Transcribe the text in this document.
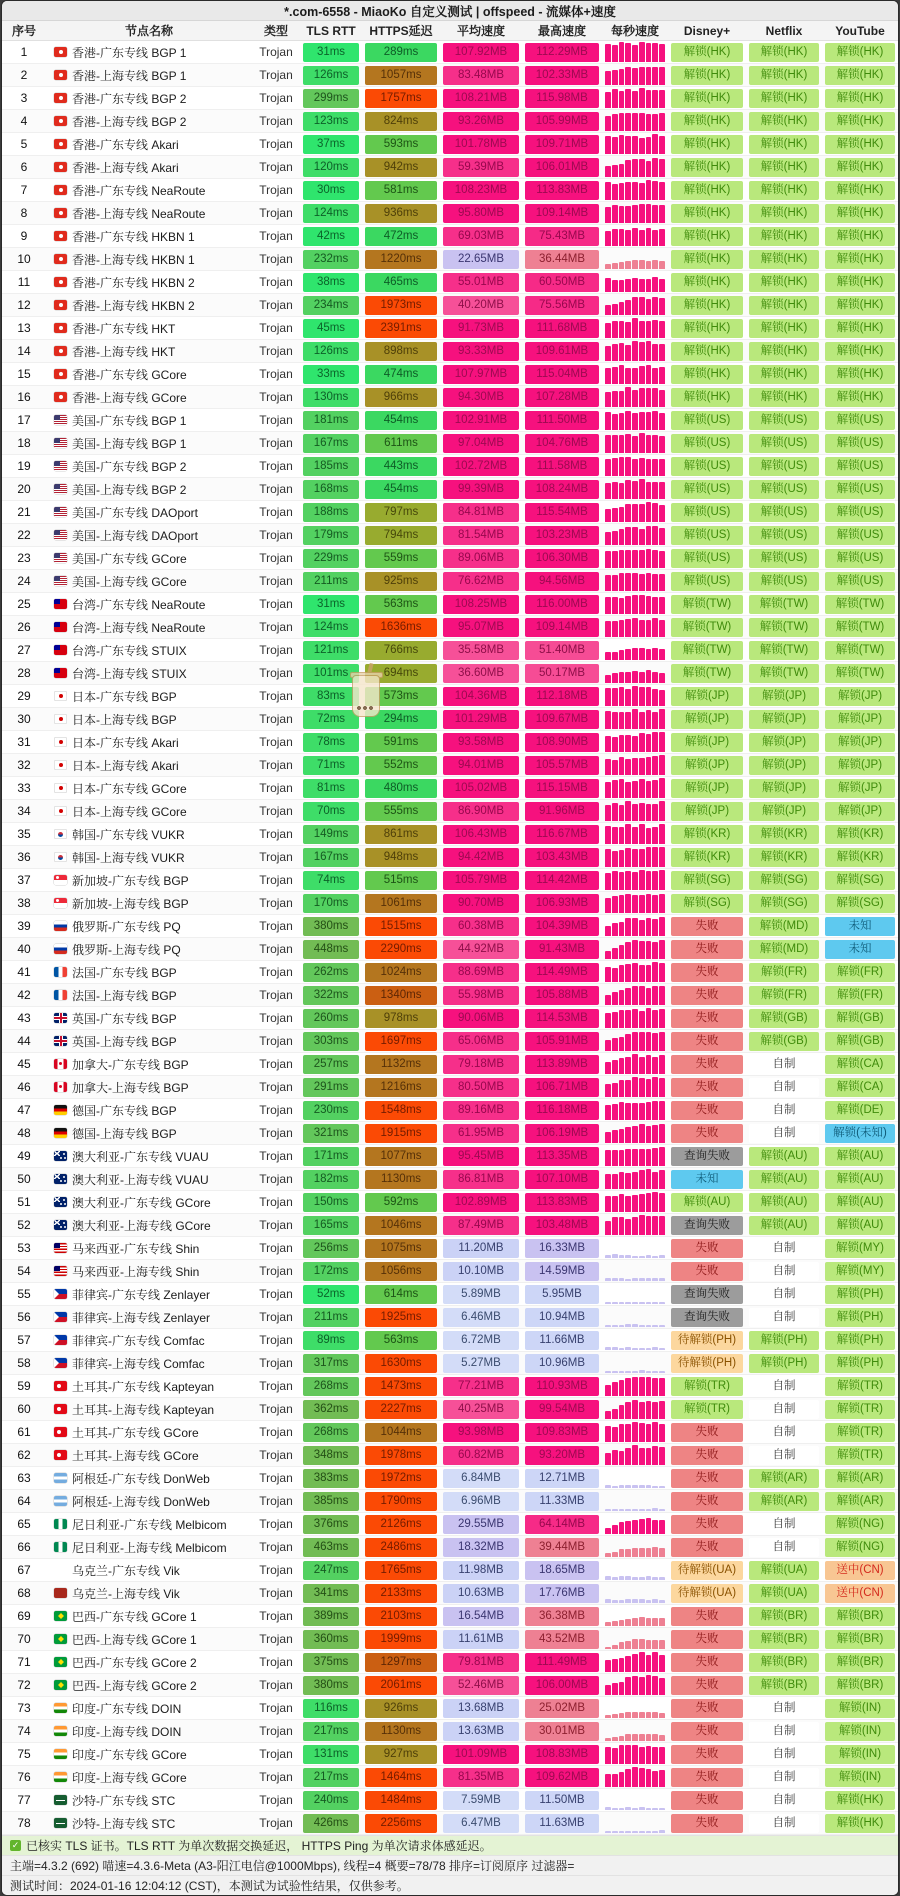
*.com-6558 - MiaoKo 自定义测试 | offspeed - 流媒体+速度
序号	节点名称	类型	TLS RTT	HTTPS延迟	平均速度	最高速度	每秒速度	Disney+	Netflix	YouTube
1	香港-广东专线 BGP 1	Trojan	31ms	289ms	107.92MB	112.29MB	解锁(HK)	解锁(HK)	解锁(HK)
2	香港-上海专线 BGP 1	Trojan	126ms	1057ms	83.48MB	102.33MB	解锁(HK)	解锁(HK)	解锁(HK)
3	香港-广东专线 BGP 2	Trojan	299ms	1757ms	108.21MB	115.98MB	解锁(HK)	解锁(HK)	解锁(HK)
4	香港-上海专线 BGP 2	Trojan	123ms	824ms	93.26MB	105.99MB	解锁(HK)	解锁(HK)	解锁(HK)
5	香港-广东专线 Akari	Trojan	37ms	593ms	101.78MB	109.71MB	解锁(HK)	解锁(HK)	解锁(HK)
6	香港-上海专线 Akari	Trojan	120ms	942ms	59.39MB	106.01MB	解锁(HK)	解锁(HK)	解锁(HK)
7	香港-广东专线 NeaRoute	Trojan	30ms	581ms	108.23MB	113.83MB	解锁(HK)	解锁(HK)	解锁(HK)
8	香港-上海专线 NeaRoute	Trojan	124ms	936ms	95.80MB	109.14MB	解锁(HK)	解锁(HK)	解锁(HK)
9	香港-广东专线 HKBN 1	Trojan	42ms	472ms	69.03MB	75.43MB	解锁(HK)	解锁(HK)	解锁(HK)
10	香港-上海专线 HKBN 1	Trojan	232ms	1220ms	22.65MB	36.44MB	解锁(HK)	解锁(HK)	解锁(HK)
11	香港-广东专线 HKBN 2	Trojan	38ms	465ms	55.01MB	60.50MB	解锁(HK)	解锁(HK)	解锁(HK)
12	香港-上海专线 HKBN 2	Trojan	234ms	1973ms	40.20MB	75.56MB	解锁(HK)	解锁(HK)	解锁(HK)
13	香港-广东专线 HKT	Trojan	45ms	2391ms	91.73MB	111.68MB	解锁(HK)	解锁(HK)	解锁(HK)
14	香港-上海专线 HKT	Trojan	126ms	898ms	93.33MB	109.61MB	解锁(HK)	解锁(HK)	解锁(HK)
15	香港-广东专线 GCore	Trojan	33ms	474ms	107.97MB	115.04MB	解锁(HK)	解锁(HK)	解锁(HK)
16	香港-上海专线 GCore	Trojan	130ms	966ms	94.30MB	107.28MB	解锁(HK)	解锁(HK)	解锁(HK)
17	美国-广东专线 BGP 1	Trojan	181ms	454ms	102.91MB	111.50MB	解锁(US)	解锁(US)	解锁(US)
18	美国-上海专线 BGP 1	Trojan	167ms	611ms	97.04MB	104.76MB	解锁(US)	解锁(US)	解锁(US)
19	美国-广东专线 BGP 2	Trojan	185ms	443ms	102.72MB	111.58MB	解锁(US)	解锁(US)	解锁(US)
20	美国-上海专线 BGP 2	Trojan	168ms	454ms	99.39MB	108.24MB	解锁(US)	解锁(US)	解锁(US)
21	美国-广东专线 DAOport	Trojan	188ms	797ms	84.81MB	115.54MB	解锁(US)	解锁(US)	解锁(US)
22	美国-上海专线 DAOport	Trojan	179ms	794ms	81.54MB	103.23MB	解锁(US)	解锁(US)	解锁(US)
23	美国-广东专线 GCore	Trojan	229ms	559ms	89.06MB	106.30MB	解锁(US)	解锁(US)	解锁(US)
24	美国-上海专线 GCore	Trojan	211ms	925ms	76.62MB	94.56MB	解锁(US)	解锁(US)	解锁(US)
25	台湾-广东专线 NeaRoute	Trojan	31ms	563ms	108.25MB	116.00MB	解锁(TW)	解锁(TW)	解锁(TW)
26	台湾-上海专线 NeaRoute	Trojan	124ms	1636ms	95.07MB	109.14MB	解锁(TW)	解锁(TW)	解锁(TW)
27	台湾-广东专线 STUIX	Trojan	121ms	766ms	35.58MB	51.40MB	解锁(TW)	解锁(TW)	解锁(TW)
28	台湾-上海专线 STUIX	Trojan	101ms	694ms	36.60MB	50.17MB	解锁(TW)	解锁(TW)	解锁(TW)
29	日本-广东专线 BGP	Trojan	83ms	573ms	104.36MB	112.18MB	解锁(JP)	解锁(JP)	解锁(JP)
30	日本-上海专线 BGP	Trojan	72ms	294ms	101.29MB	109.67MB	解锁(JP)	解锁(JP)	解锁(JP)
31	日本-广东专线 Akari	Trojan	78ms	591ms	93.58MB	108.90MB	解锁(JP)	解锁(JP)	解锁(JP)
32	日本-上海专线 Akari	Trojan	71ms	552ms	94.01MB	105.57MB	解锁(JP)	解锁(JP)	解锁(JP)
33	日本-广东专线 GCore	Trojan	81ms	480ms	105.02MB	115.15MB	解锁(JP)	解锁(JP)	解锁(JP)
34	日本-上海专线 GCore	Trojan	70ms	555ms	86.90MB	91.96MB	解锁(JP)	解锁(JP)	解锁(JP)
35	韩国-广东专线 VUKR	Trojan	149ms	861ms	106.43MB	116.67MB	解锁(KR)	解锁(KR)	解锁(KR)
36	韩国-上海专线 VUKR	Trojan	167ms	948ms	94.42MB	103.43MB	解锁(KR)	解锁(KR)	解锁(KR)
37	新加坡-广东专线 BGP	Trojan	74ms	515ms	105.79MB	114.42MB	解锁(SG)	解锁(SG)	解锁(SG)
38	新加坡-上海专线 BGP	Trojan	170ms	1061ms	90.70MB	106.93MB	解锁(SG)	解锁(SG)	解锁(SG)
39	俄罗斯-广东专线 PQ	Trojan	380ms	1515ms	60.38MB	104.39MB	失败	解锁(MD)	未知
40	俄罗斯-上海专线 PQ	Trojan	448ms	2290ms	44.92MB	91.43MB	失败	解锁(MD)	未知
41	法国-广东专线 BGP	Trojan	262ms	1024ms	88.69MB	114.49MB	失败	解锁(FR)	解锁(FR)
42	法国-上海专线 BGP	Trojan	322ms	1340ms	55.98MB	105.88MB	失败	解锁(FR)	解锁(FR)
43	英国-广东专线 BGP	Trojan	260ms	978ms	90.06MB	114.53MB	失败	解锁(GB)	解锁(GB)
44	英国-上海专线 BGP	Trojan	303ms	1697ms	65.06MB	105.91MB	失败	解锁(GB)	解锁(GB)
45	加拿大-广东专线 BGP	Trojan	257ms	1132ms	79.18MB	113.89MB	失败	自制	解锁(CA)
46	加拿大-上海专线 BGP	Trojan	291ms	1216ms	80.50MB	106.71MB	失败	自制	解锁(CA)
47	德国-广东专线 BGP	Trojan	230ms	1548ms	89.16MB	116.18MB	失败	自制	解锁(DE)
48	德国-上海专线 BGP	Trojan	321ms	1915ms	61.95MB	106.19MB	失败	自制	解锁(未知)
49	澳大利亚-广东专线 VUAU	Trojan	171ms	1077ms	95.45MB	113.35MB	查询失败	解锁(AU)	解锁(AU)
50	澳大利亚-上海专线 VUAU	Trojan	182ms	1130ms	86.81MB	107.10MB	未知	解锁(AU)	解锁(AU)
51	澳大利亚-广东专线 GCore	Trojan	150ms	592ms	102.89MB	113.83MB	解锁(AU)	解锁(AU)	解锁(AU)
52	澳大利亚-上海专线 GCore	Trojan	165ms	1046ms	87.49MB	103.48MB	查询失败	解锁(AU)	解锁(AU)
53	马来西亚-广东专线 Shin	Trojan	256ms	1075ms	11.20MB	16.33MB	失败	自制	解锁(MY)
54	马来西亚-上海专线 Shin	Trojan	172ms	1056ms	10.10MB	14.59MB	失败	自制	解锁(MY)
55	菲律宾-广东专线 Zenlayer	Trojan	52ms	614ms	5.89MB	5.95MB	查询失败	自制	解锁(PH)
56	菲律宾-上海专线 Zenlayer	Trojan	211ms	1925ms	6.46MB	10.94MB	查询失败	自制	解锁(PH)
57	菲律宾-广东专线 Comfac	Trojan	89ms	563ms	6.72MB	11.66MB	待解锁(PH)	解锁(PH)	解锁(PH)
58	菲律宾-上海专线 Comfac	Trojan	317ms	1630ms	5.27MB	10.96MB	待解锁(PH)	解锁(PH)	解锁(PH)
59	土耳其-广东专线 Kapteyan	Trojan	268ms	1473ms	77.21MB	110.93MB	解锁(TR)	自制	解锁(TR)
60	土耳其-上海专线 Kapteyan	Trojan	362ms	2227ms	40.25MB	99.54MB	解锁(TR)	自制	解锁(TR)
61	土耳其-广东专线 GCore	Trojan	268ms	1044ms	93.98MB	109.83MB	失败	自制	解锁(TR)
62	土耳其-上海专线 GCore	Trojan	348ms	1978ms	60.82MB	93.20MB	失败	自制	解锁(TR)
63	阿根廷-广东专线 DonWeb	Trojan	383ms	1972ms	6.84MB	12.71MB	失败	解锁(AR)	解锁(AR)
64	阿根廷-上海专线 DonWeb	Trojan	385ms	1790ms	6.96MB	11.33MB	失败	解锁(AR)	解锁(AR)
65	尼日利亚-广东专线 Melbicom	Trojan	376ms	2126ms	29.55MB	64.14MB	失败	自制	解锁(NG)
66	尼日利亚-上海专线 Melbicom	Trojan	463ms	2486ms	18.32MB	39.44MB	失败	自制	解锁(NG)
67	乌克兰-广东专线 Vik	Trojan	247ms	1765ms	11.98MB	18.65MB	待解锁(UA)	解锁(UA)	送中(CN)
68	乌克兰-上海专线 Vik	Trojan	341ms	2133ms	10.63MB	17.76MB	待解锁(UA)	解锁(UA)	送中(CN)
69	巴西-广东专线 GCore 1	Trojan	389ms	2103ms	16.54MB	36.38MB	失败	解锁(BR)	解锁(BR)
70	巴西-上海专线 GCore 1	Trojan	360ms	1999ms	11.61MB	43.52MB	失败	解锁(BR)	解锁(BR)
71	巴西-广东专线 GCore 2	Trojan	375ms	1297ms	79.81MB	111.49MB	失败	解锁(BR)	解锁(BR)
72	巴西-上海专线 GCore 2	Trojan	380ms	2061ms	52.46MB	106.00MB	失败	解锁(BR)	解锁(BR)
73	印度-广东专线 DOIN	Trojan	116ms	926ms	13.68MB	25.02MB	失败	自制	解锁(IN)
74	印度-上海专线 DOIN	Trojan	217ms	1130ms	13.63MB	30.01MB	失败	自制	解锁(IN)
75	印度-广东专线 GCore	Trojan	131ms	927ms	101.09MB	108.83MB	失败	自制	解锁(IN)
76	印度-上海专线 GCore	Trojan	217ms	1464ms	81.35MB	109.62MB	失败	自制	解锁(IN)
77	沙特-广东专线 STC	Trojan	240ms	1484ms	7.59MB	11.50MB	失败	自制	解锁(HK)
78	沙特-上海专线 STC	Trojan	426ms	2256ms	6.47MB	11.63MB	失败	自制	解锁(HK)
✓ 已核实 TLS 证书。TLS RTT 为单次数据交换延迟， HTTPS Ping 为单次请求体感延迟。
主端=4.3.2 (692) 喵速=4.3.6-Meta (A3-阳江电信@1000Mbps), 线程=4 概要=78/78 排序=订阅原序 过滤器=
测试时间：2024-01-16 12:04:12 (CST)，本测试为试验性结果，仅供参考。
